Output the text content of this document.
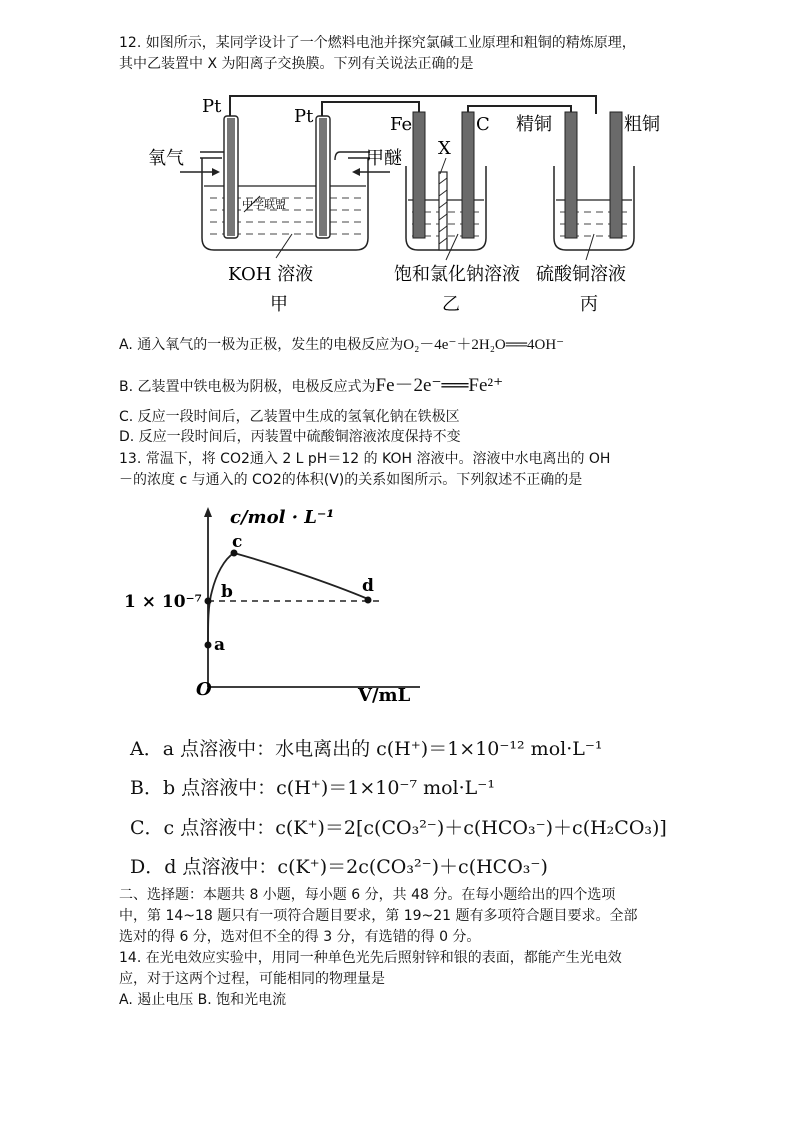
12. 如图所示，某同学设计了一个燃料电池并探究氯碱工业原理和粗铜的精炼原理，
其中乙装置中 X 为阳离子交换膜。下列有关说法正确的是
Pt	Pt	Fe	C
X
精铜	粗铜
氧气	甲醚
中学联盟
KOH 溶液	饱和氯化钠溶液 硫酸铜溶液
甲	乙	丙
A. 通入氧气的一极为正极，发生的电极反应为O₂－4e⁻＋2H₂O══4OH⁻
B. 乙装置中铁电极为阴极，电极反应式为Fe－2e⁻══Fe²⁺
C. 反应一段时间后，乙装置中生成的氢氧化钠在铁极区
D. 反应一段时间后，丙装置中硫酸铜溶液浓度保持不变
13. 常温下，将 CO2通入 2 L pH＝12 的 KOH 溶液中。溶液中水电离出的 OH
－的浓度 c 与通入的 CO2的体积(V)的关系如图所示。下列叙述不正确的是
c/mol · L⁻¹
V/mL
O
1 × 10⁻⁷
a
b
c
d
A．a 点溶液中：水电离出的 c(H⁺)＝1×10⁻¹² mol·L⁻¹
B．b 点溶液中：c(H⁺)＝1×10⁻⁷ mol·L⁻¹
C．c 点溶液中：c(K⁺)＝2[c(CO₃²⁻)＋c(HCO₃⁻)＋c(H₂CO₃)]
D．d 点溶液中：c(K⁺)＝2c(CO₃²⁻)＋c(HCO₃⁻)
二、选择题：本题共 8 小题，每小题 6 分，共 48 分。在每小题给出的四个选项
中，第 14~18 题只有一项符合题目要求，第 19~21 题有多项符合题目要求。全部
选对的得 6 分，选对但不全的得 3 分，有选错的得 0 分。
14. 在光电效应实验中，用同一种单色光先后照射锌和银的表面，都能产生光电效
应，对于这两个过程，可能相同的物理量是
A. 遏止电压 B. 饱和光电流
